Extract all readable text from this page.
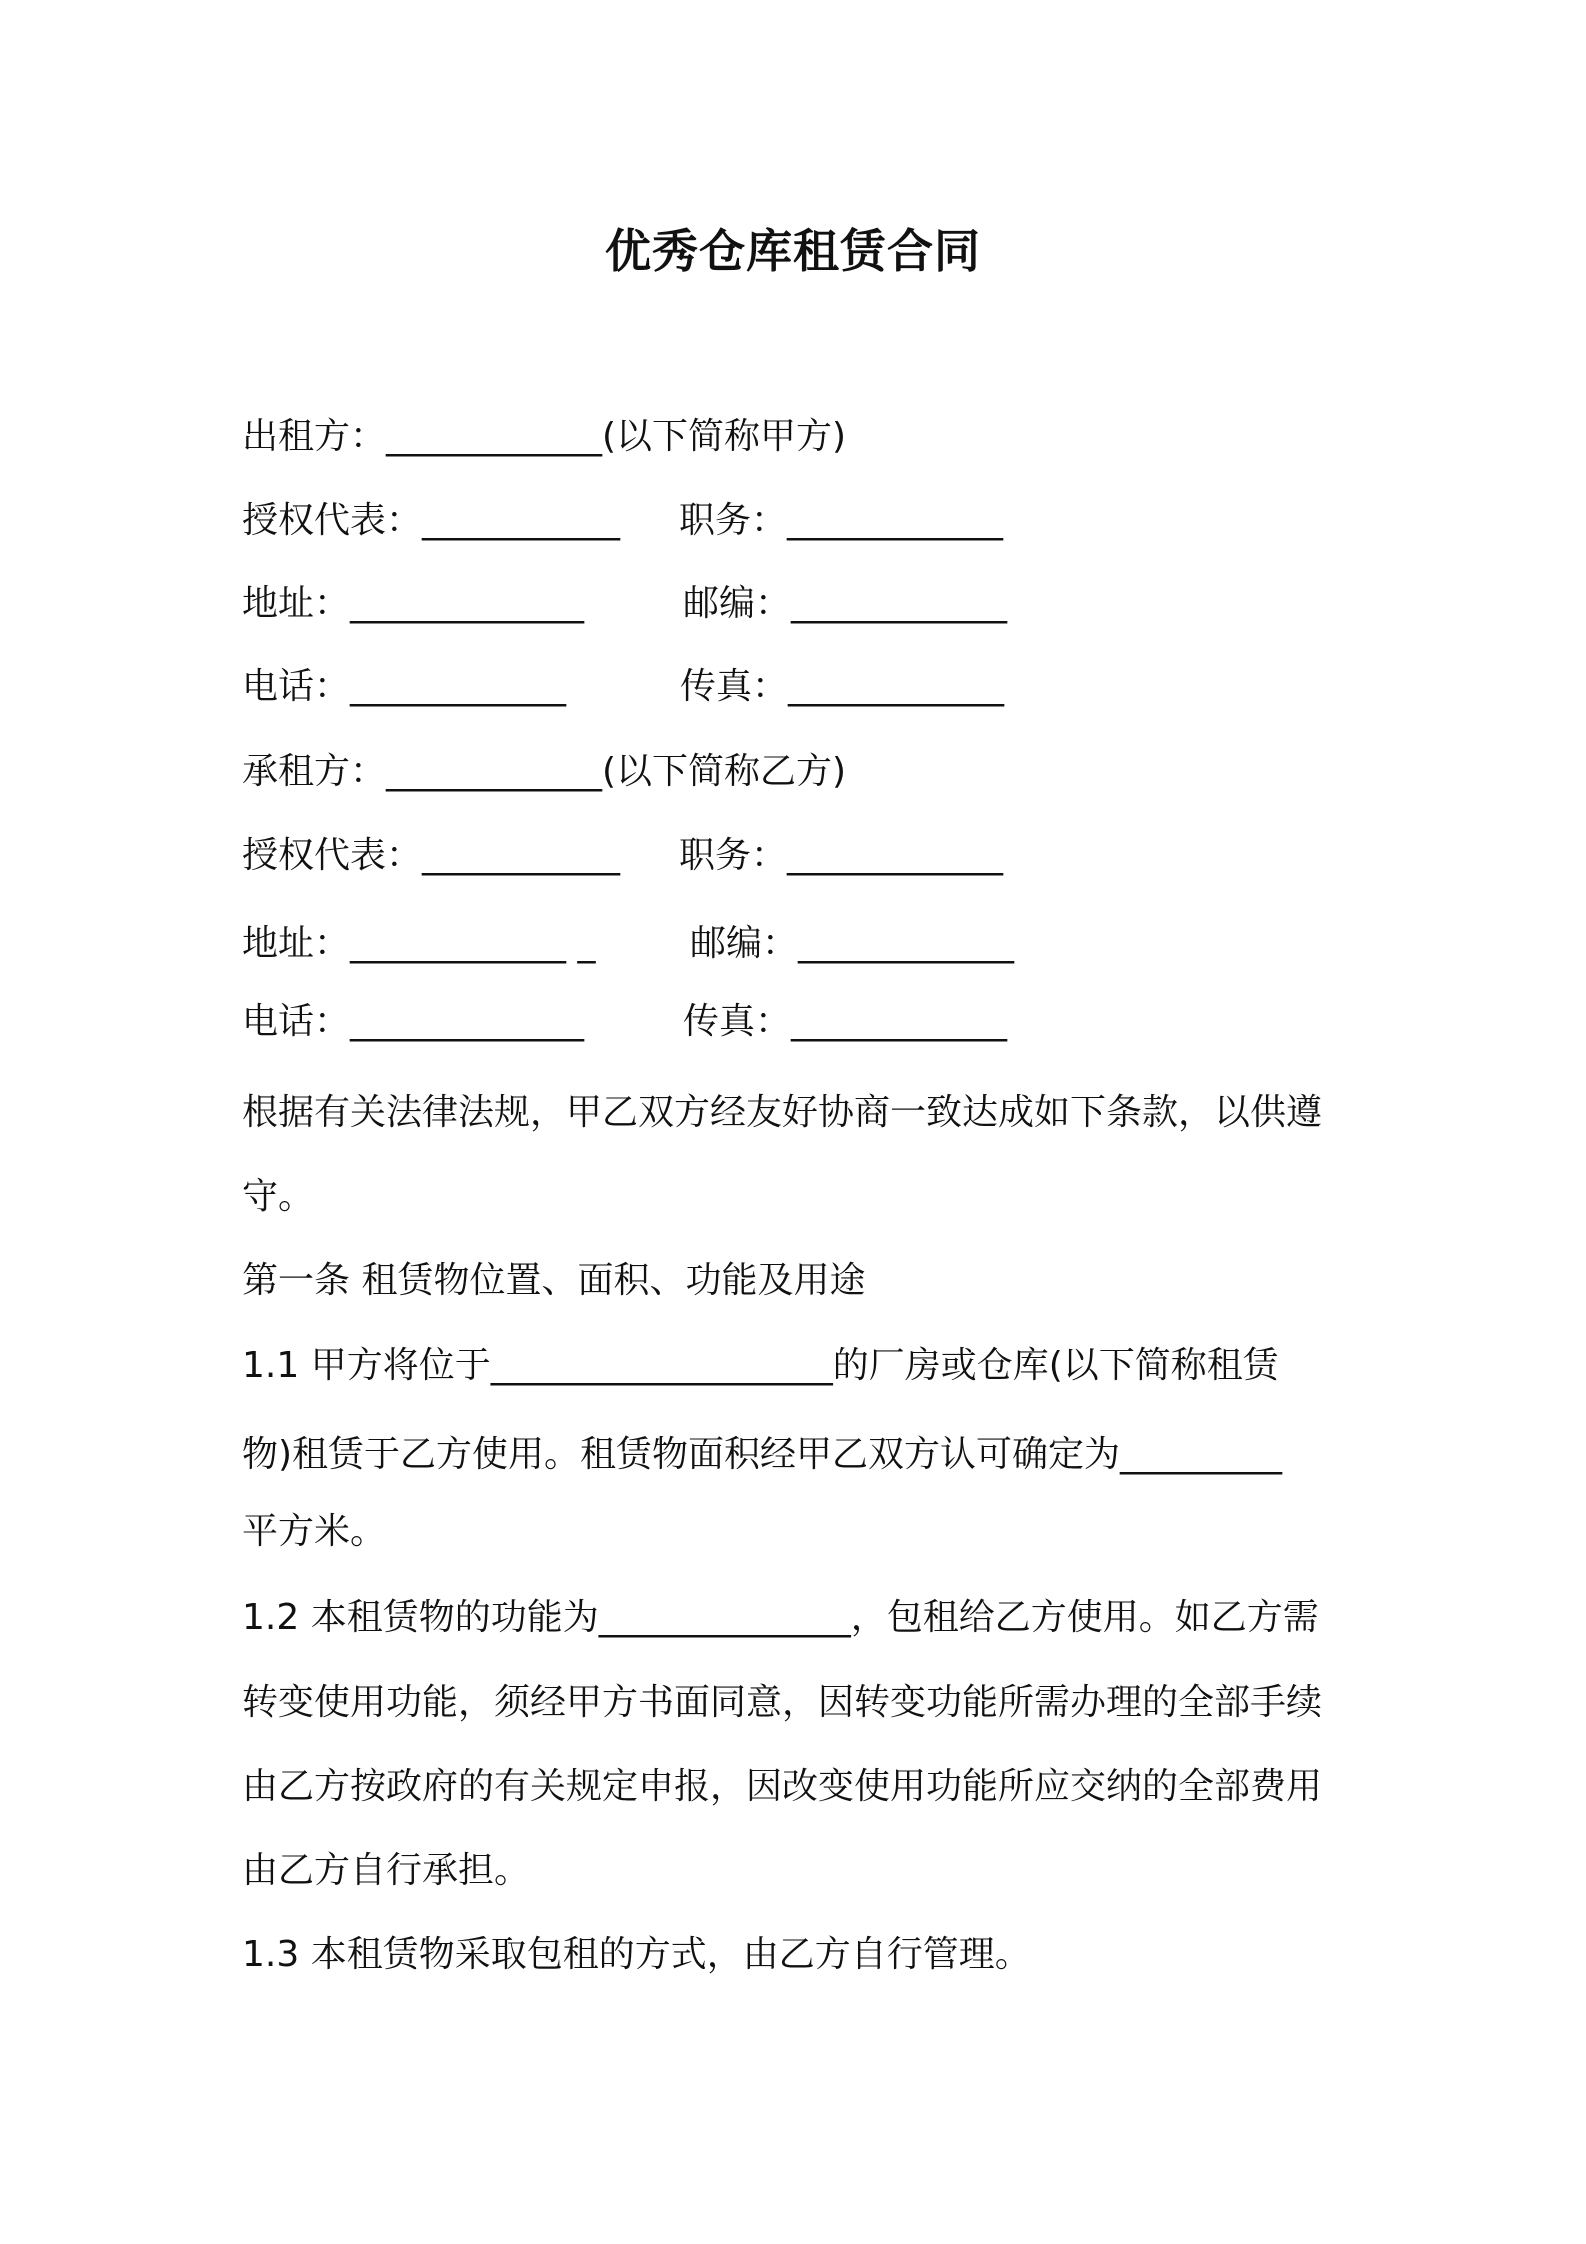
优秀仓库租赁合同
出租方：____________(以下简称甲方)
授权代表：___________ 职务：____________
地址：_____________	邮编：____________
电话：____________	传真：____________
承租方：____________(以下简称乙方)
授权代表：___________ 职务：____________
地址：____________ _	邮编：____________
电话：_____________	传真：____________
根据有关法律法规，甲乙双方经友好协商一致达成如下条款，以供遵
守。
第一条 租赁物位置、面积、功能及用途
1.1 甲方将位于___________________的厂房或仓库(以下简称租赁
物)租赁于乙方使用。租赁物面积经甲乙双方认可确定为_________
平方米。
1.2 本租赁物的功能为______________，包租给乙方使用。如乙方需
转变使用功能，须经甲方书面同意，因转变功能所需办理的全部手续
由乙方按政府的有关规定申报，因改变使用功能所应交纳的全部费用
由乙方自行承担。
1.3 本租赁物采取包租的方式，由乙方自行管理。
